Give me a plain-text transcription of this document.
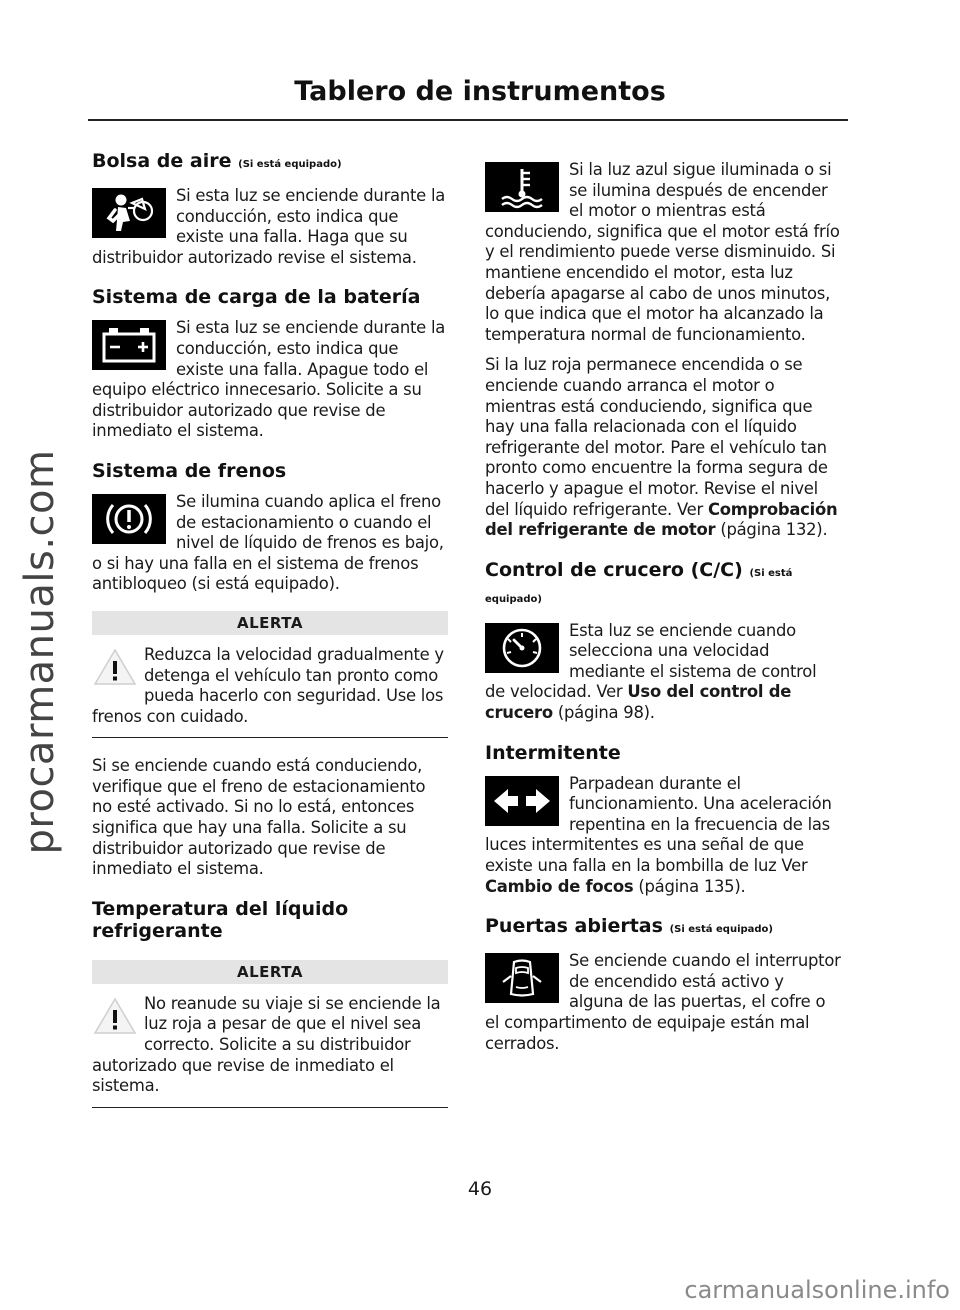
Tablero de instrumentos
procarmanuals.com
Bolsa de aire (Si está equipado)

Si esta luz se enciende durante la conducción, esto indica que existe una falla. Haga que su distribuidor autorizado revise el sistema.

Sistema de carga de la batería

Si esta luz se enciende durante la conducción, esto indica que existe una falla. Apague todo el equipo eléctrico innecesario. Solicite a su distribuidor autorizado que revise de inmediato el sistema.

Sistema de frenos

Se ilumina cuando aplica el freno de estacionamiento o cuando el nivel de líquido de frenos es bajo, o si hay una falla en el sistema de frenos antibloqueo (si está equipado).

ALERTA

Reduzca la velocidad gradualmente y detenga el vehículo tan pronto como pueda hacerlo con seguridad. Use los frenos con cuidado.

Si se enciende cuando está conduciendo, verifique que el freno de estacionamiento no esté activado. Si no lo está, entonces significa que hay una falla. Solicite a su distribuidor autorizado que revise de inmediato el sistema.

Temperatura del líquido refrigerante
ALERTA

No reanude su viaje si se enciende la luz roja a pesar de que el nivel sea correcto. Solicite a su distribuidor autorizado que revise de inmediato el sistema.

Si la luz azul sigue iluminada o si se ilumina después de encender el motor o mientras está conduciendo, significa que el motor está frío y el rendimiento puede verse disminuido. Si mantiene encendido el motor, esta luz debería apagarse al cabo de unos minutos, lo que indica que el motor ha alcanzado la temperatura normal de funcionamiento.

Si la luz roja permanece encendida o se enciende cuando arranca el motor o mientras está conduciendo, significa que hay una falla relacionada con el líquido refrigerante del motor. Pare el vehículo tan pronto como encuentre la forma segura de hacerlo y apague el motor. Revise el nivel del líquido refrigerante. Ver Comprobación del refrigerante de motor (página 132).

Control de crucero (C/C) (Si está equipado)

Esta luz se enciende cuando selecciona una velocidad mediante el sistema de control de velocidad. Ver Uso del control de crucero (página 98).

Intermitente

Parpadean durante el funcionamiento. Una aceleración repentina en la frecuencia de las luces intermitentes es una señal de que existe una falla en la bombilla de luz Ver Cambio de focos (página 135).

Puertas abiertas (Si está equipado)

Se enciende cuando el interruptor de encendido está activo y alguna de las puertas, el cofre o el compartimento de equipaje están mal cerrados.

46
carmanualsonline.info
